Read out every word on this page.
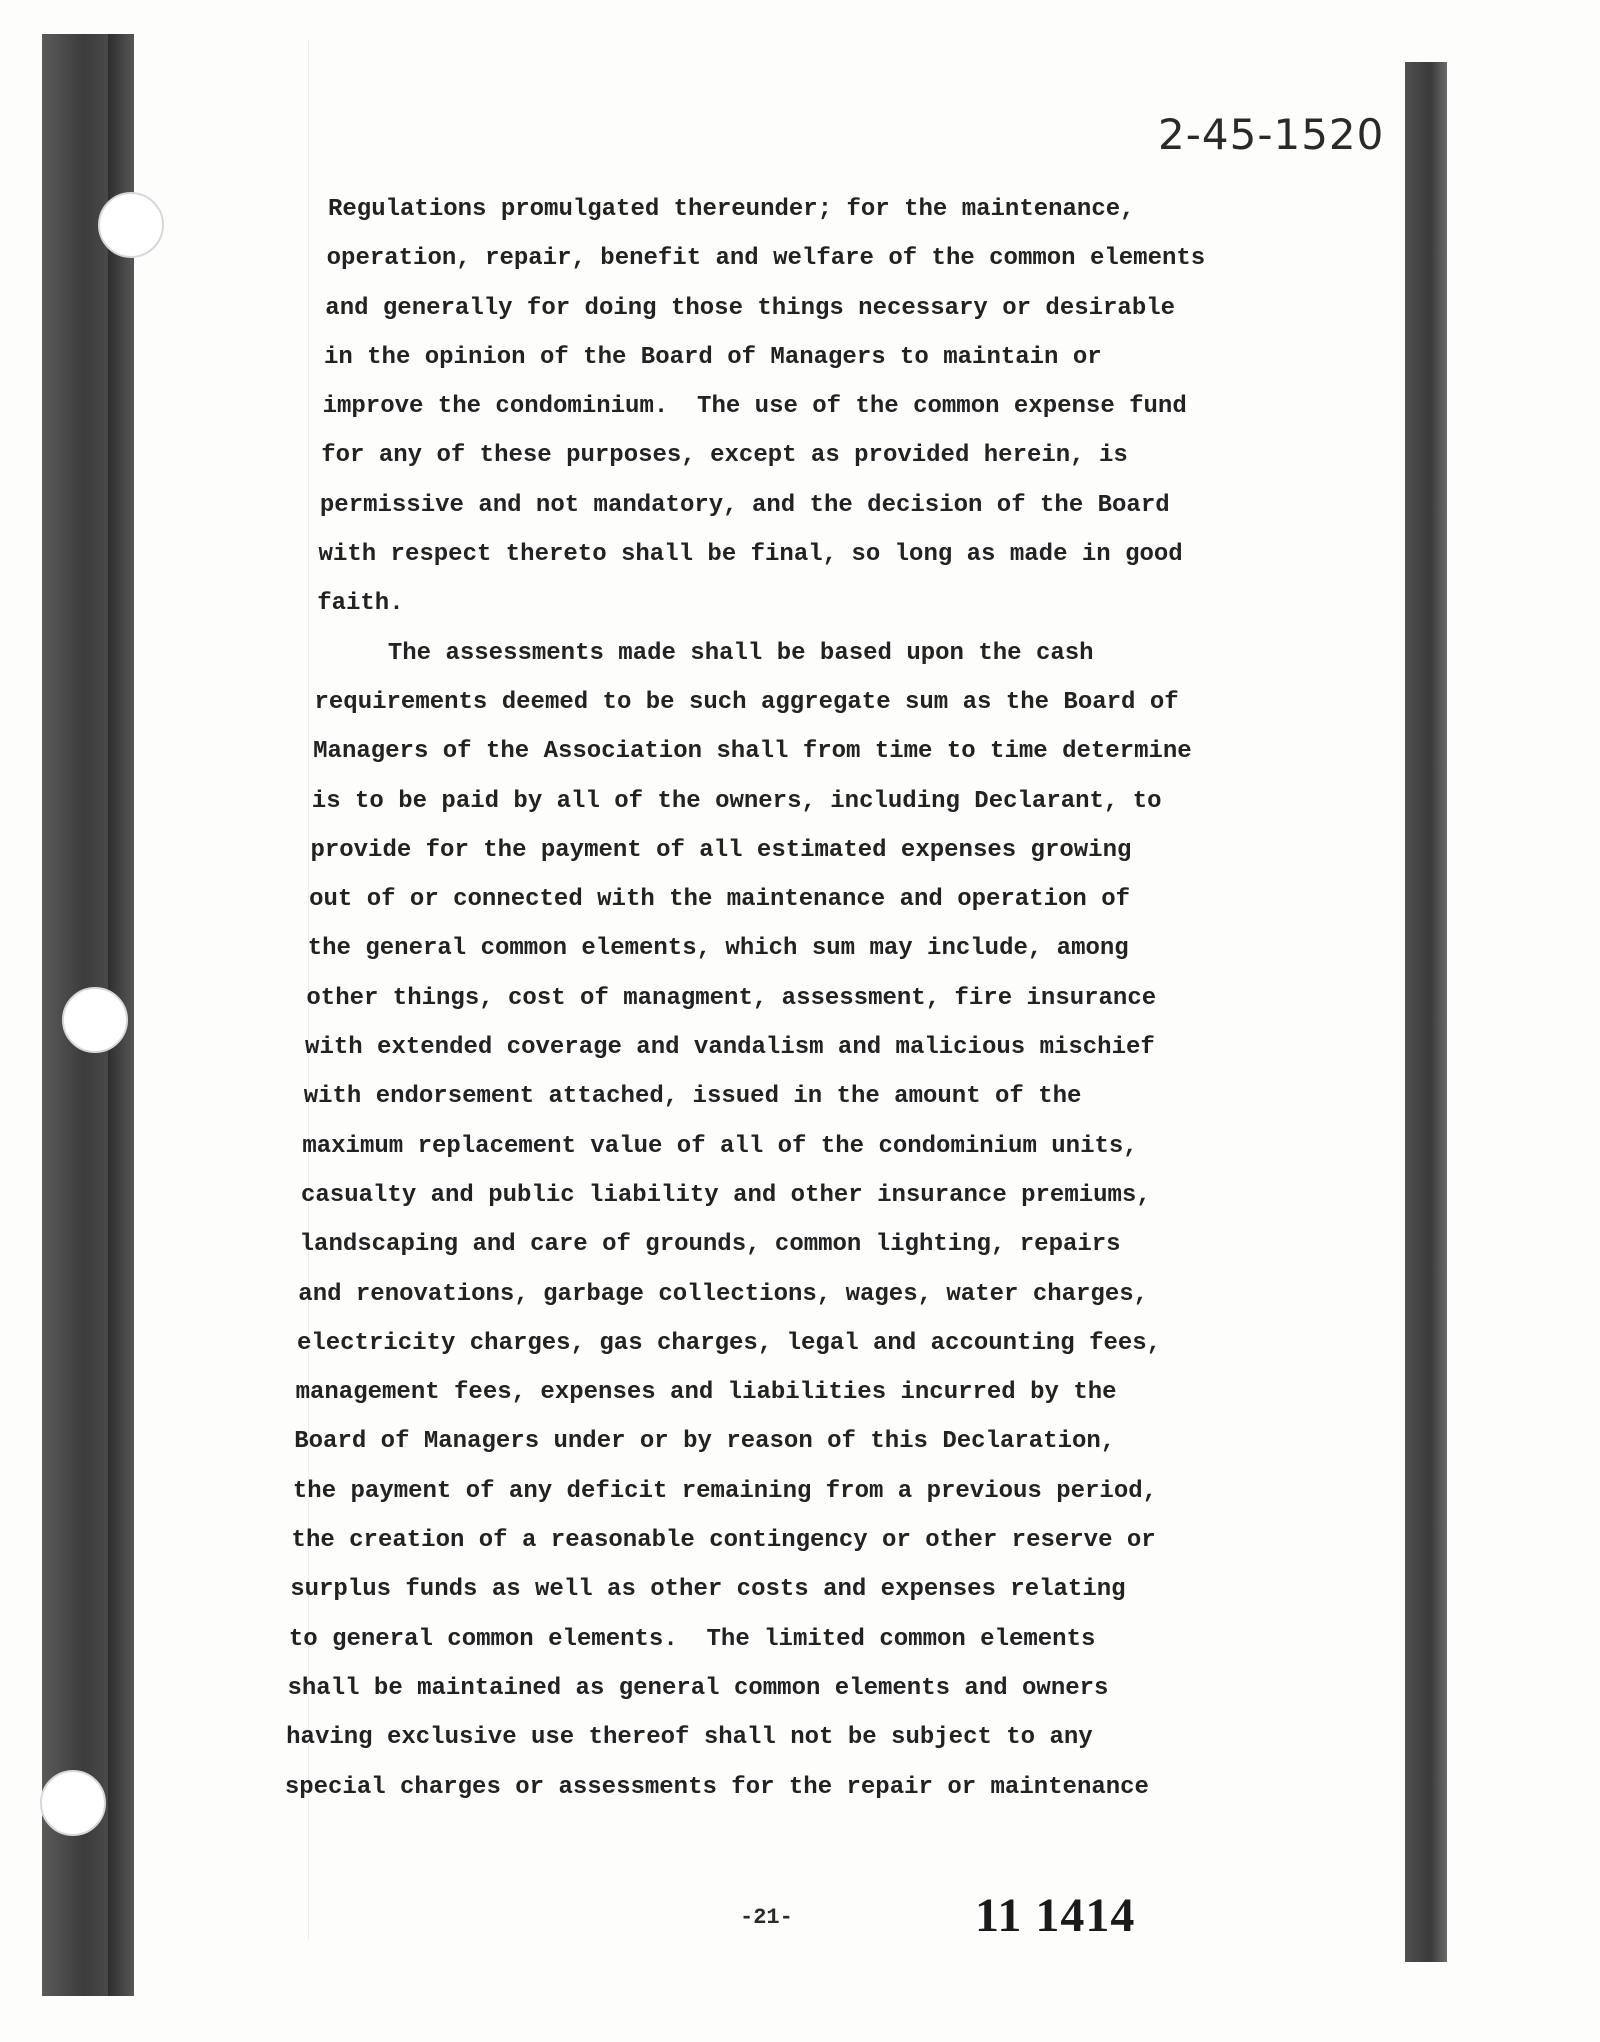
2-45-1520
Regulations promulgated thereunder; for the maintenance,
operation, repair, benefit and welfare of the common elements
and generally for doing those things necessary or desirable
in the opinion of the Board of Managers to maintain or
improve the condominium.  The use of the common expense fund
for any of these purposes, except as provided herein, is
permissive and not mandatory, and the decision of the Board
with respect thereto shall be final, so long as made in good
faith.
The assessments made shall be based upon the cash
requirements deemed to be such aggregate sum as the Board of
Managers of the Association shall from time to time determine
is to be paid by all of the owners, including Declarant, to
provide for the payment of all estimated expenses growing
out of or connected with the maintenance and operation of
the general common elements, which sum may include, among
other things, cost of managment, assessment, fire insurance
with extended coverage and vandalism and malicious mischief
with endorsement attached, issued in the amount of the
maximum replacement value of all of the condominium units,
casualty and public liability and other insurance premiums,
landscaping and care of grounds, common lighting, repairs
and renovations, garbage collections, wages, water charges,
electricity charges, gas charges, legal and accounting fees,
management fees, expenses and liabilities incurred by the
Board of Managers under or by reason of this Declaration,
the payment of any deficit remaining from a previous period,
the creation of a reasonable contingency or other reserve or
surplus funds as well as other costs and expenses relating
to general common elements.  The limited common elements
shall be maintained as general common elements and owners
having exclusive use thereof shall not be subject to any
special charges or assessments for the repair or maintenance
-21-	11 1414
